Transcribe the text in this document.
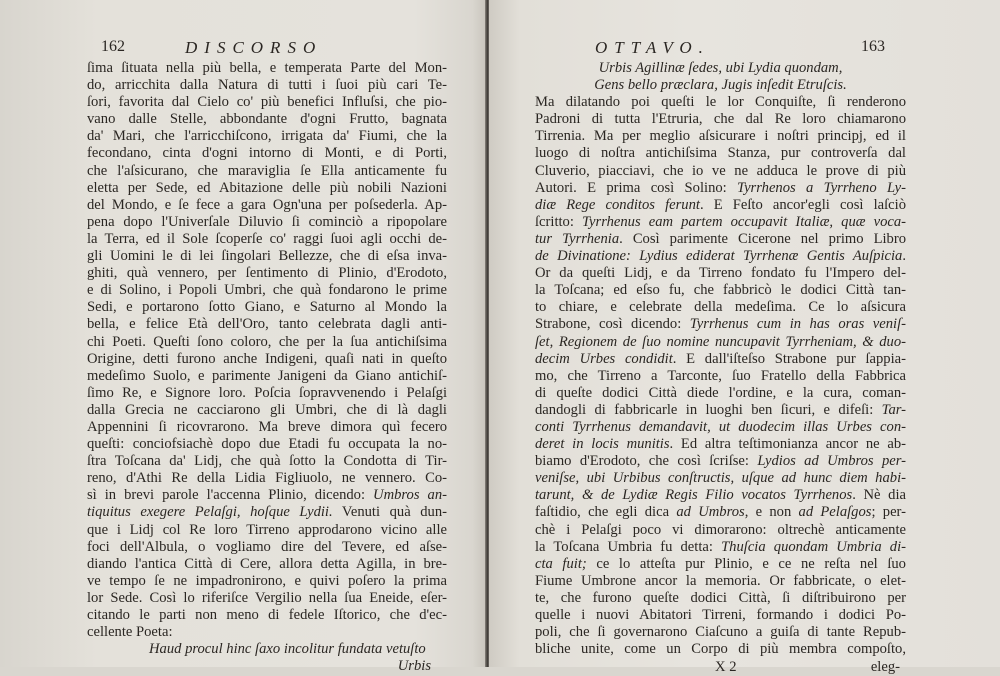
162	DISCORSO
ſima ſituata nella più bella, e temperata Parte del Mon-
do, arricchita dalla Natura di tutti i ſuoi più cari Te-
ſori, favorita dal Cielo co' più benefici Influſsi, che pio-
vano dalle Stelle, abbondante d'ogni Frutto, bagnata
da' Mari, che l'arricchiſcono, irrigata da' Fiumi, che la
fecondano, cinta d'ogni intorno di Monti, e di Porti,
che l'aſsicurano, che maraviglia ſe Ella anticamente fu
eletta per Sede, ed Abitazione delle più nobili Nazioni
del Mondo, e ſe fece a gara Ogn'una per poſsederla. Ap-
pena dopo l'Univerſale Diluvio ſi cominciò a ripopolare
la Terra, ed il Sole ſcoperſe co' raggi ſuoi agli occhi de-
gli Uomini le di lei ſingolari Bellezze, che di eſsa inva-
ghiti, quà vennero, per ſentimento di Plinio, d'Erodoto,
e di Solino, i Popoli Umbri, che quà fondarono le prime
Sedi, e portarono ſotto Giano, e Saturno al Mondo la
bella, e felice Età dell'Oro, tanto celebrata dagli anti-
chi Poeti. Queſti ſono coloro, che per la ſua antichiſsima
Origine, detti furono anche Indigeni, quaſi nati in queſto
medeſimo Suolo, e parimente Janigeni da Giano antichiſ-
ſimo Re, e Signore loro. Poſcia ſopravvenendo i Pelaſgi
dalla Grecia ne cacciarono gli Umbri, che di là dagli
Appennini ſi ricovrarono. Ma breve dimora quì fecero
queſti: conciofsiachè dopo due Etadi fu occupata la no-
ſtra Toſcana da' Lidj, che quà ſotto la Condotta di Tir-
reno, d'Athi Re della Lidia Figliuolo, ne vennero. Co-
sì in brevi parole l'accenna Plinio, dicendo: Umbros an-
tiquitus exegere Pelaſgi, hoſque Lydii. Venuti quà dun-
que i Lidj col Re loro Tirreno approdarono vicino alle
foci dell'Albula, o vogliamo dire del Tevere, ed aſse-
diando l'antica Città di Cere, allora detta Agilla, in bre-
ve tempo ſe ne impadronirono, e quivi poſero la prima
lor Sede. Così lo riferiſce Vergilio nella ſua Eneide, eſer-
citando le parti non meno di fedele Iſtorico, che d'ec-
cellente Poeta:
Haud procul hinc ſaxo incolitur fundata vetuſto
Urbis
OTTAVO.	163
Urbis Agillinæ ſedes, ubi Lydia quondam,
Gens bello præclara, Jugis inſedit Etruſcis.
Ma dilatando poi queſti le lor Conquiſte, ſi renderono
Padroni di tutta l'Etruria, che dal Re loro chiamarono
Tirrenia. Ma per meglio aſsicurare i noſtri principj, ed il
luogo di noſtra antichiſsima Stanza, pur controverſa dal
Cluverio, piacciavi, che io ve ne adduca le prove di più
Autori. E prima così Solino: Tyrrhenos a Tyrrheno Ly-
diæ Rege conditos ferunt. E Feſto ancor'egli così laſciò
ſcritto: Tyrrhenus eam partem occupavit Italiæ, quæ voca-
tur Tyrrhenia. Così parimente Cicerone nel primo Libro
de Divinatione: Lydius ediderat Tyrrhenæ Gentis Auſpicia.
Or da queſti Lidj, e da Tirreno fondato fu l'Impero del-
la Toſcana; ed eſso fu, che fabbricò le dodici Città tan-
to chiare, e celebrate della medeſima. Ce lo aſsicura
Strabone, così dicendo: Tyrrhenus cum in has oras veniſ-
ſet, Regionem de ſuo nomine nuncupavit Tyrrheniam, & duo-
decim Urbes condidit. E dall'iſteſso Strabone pur ſappia-
mo, che Tirreno a Tarconte, ſuo Fratello della Fabbrica
di queſte dodici Città diede l'ordine, e la cura, coman-
dandogli di fabbricarle in luoghi ben ſicuri, e difeſi: Tar-
conti Tyrrhenus demandavit, ut duodecim illas Urbes con-
deret in locis munitis. Ed altra teſtimonianza ancor ne ab-
biamo d'Erodoto, che così ſcriſse: Lydios ad Umbros per-
veniſse, ubi Urbibus conſtructis, uſque ad hunc diem habi-
tarunt, & de Lydiæ Regis Filio vocatos Tyrrhenos. Nè dia
faſtidio, che egli dica ad Umbros, e non ad Pelaſgos; per-
chè i Pelaſgi poco vi dimorarono: oltrechè anticamente
la Toſcana Umbria fu detta: Thuſcia quondam Umbria di-
cta fuit; ce lo atteſta pur Plinio, e ce ne reſta nel ſuo
Fiume Umbrone ancor la memoria. Or fabbricate, o elet-
te, che furono queſte dodici Città, ſi diſtribuirono per
quelle i nuovi Abitatori Tirreni, formando i dodici Po-
poli, che ſi governarono Ciaſcuno a guiſa di tante Repub-
bliche unite, come un Corpo di più membra compoſto,
X 2	eleg-
